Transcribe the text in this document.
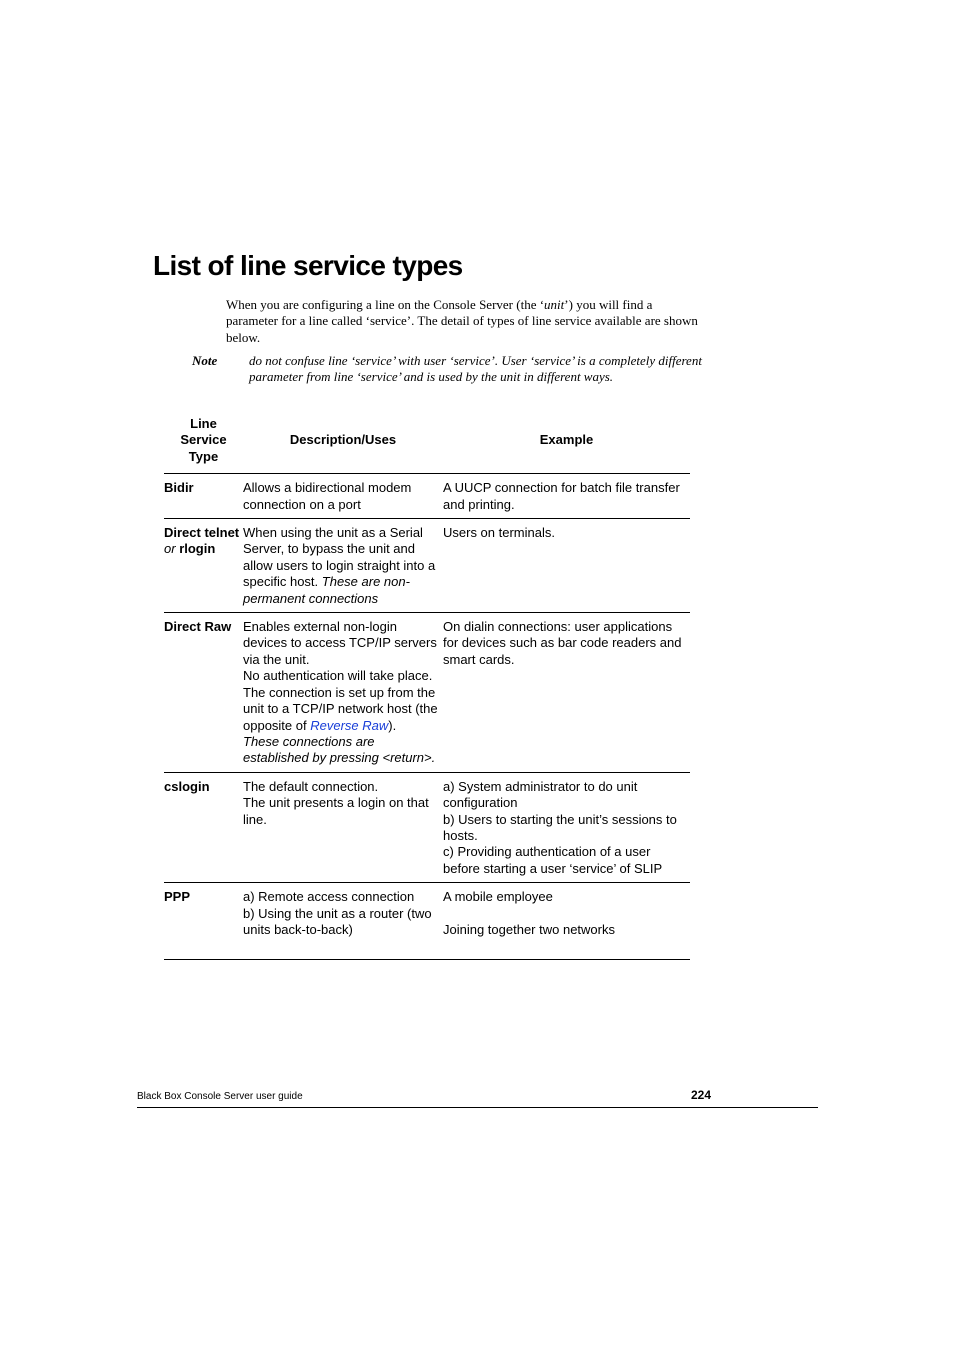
List of line service types

When you are configuring a line on the Console Server (the ‘unit’) you will find a parameter for a line called ‘service’. The detail of types of line service available are shown below.

Note do not confuse line ‘service’ with user ‘service’. User ‘service’ is a completely different parameter from line ‘service’ and is used by the unit in different ways.

Line
Service
Type	Description/Uses	Example
Bidir	Allows a bidirectional modem connection on a port	A UUCP connection for batch file transfer and printing.

Direct telnet
or rlogin	When using the unit as a Serial Server, to bypass the unit and allow users to login straight into a specific host. These are non-permanent connections	Users on terminals.
Direct Raw	Enables external non-login devices to access TCP/IP servers via the unit.
No authentication will take place.
The connection is set up from the unit to a TCP/IP network host (the opposite of Reverse Raw).
These connections are established by pressing <return>.	On dialin connections: user applications for devices such as bar code readers and smart cards.
cslogin	The default connection.
The unit presents a login on that line.	a) System administrator to do unit configuration
b) Users to starting the unit’s sessions to hosts.
c) Providing authentication of a user before starting a user ‘service’ of SLIP

PPP	a) Remote access connection
b) Using the unit as a router (two units back-to-back)	A mobile employee
Joining together two networks
Black Box Console Server user guide	224
